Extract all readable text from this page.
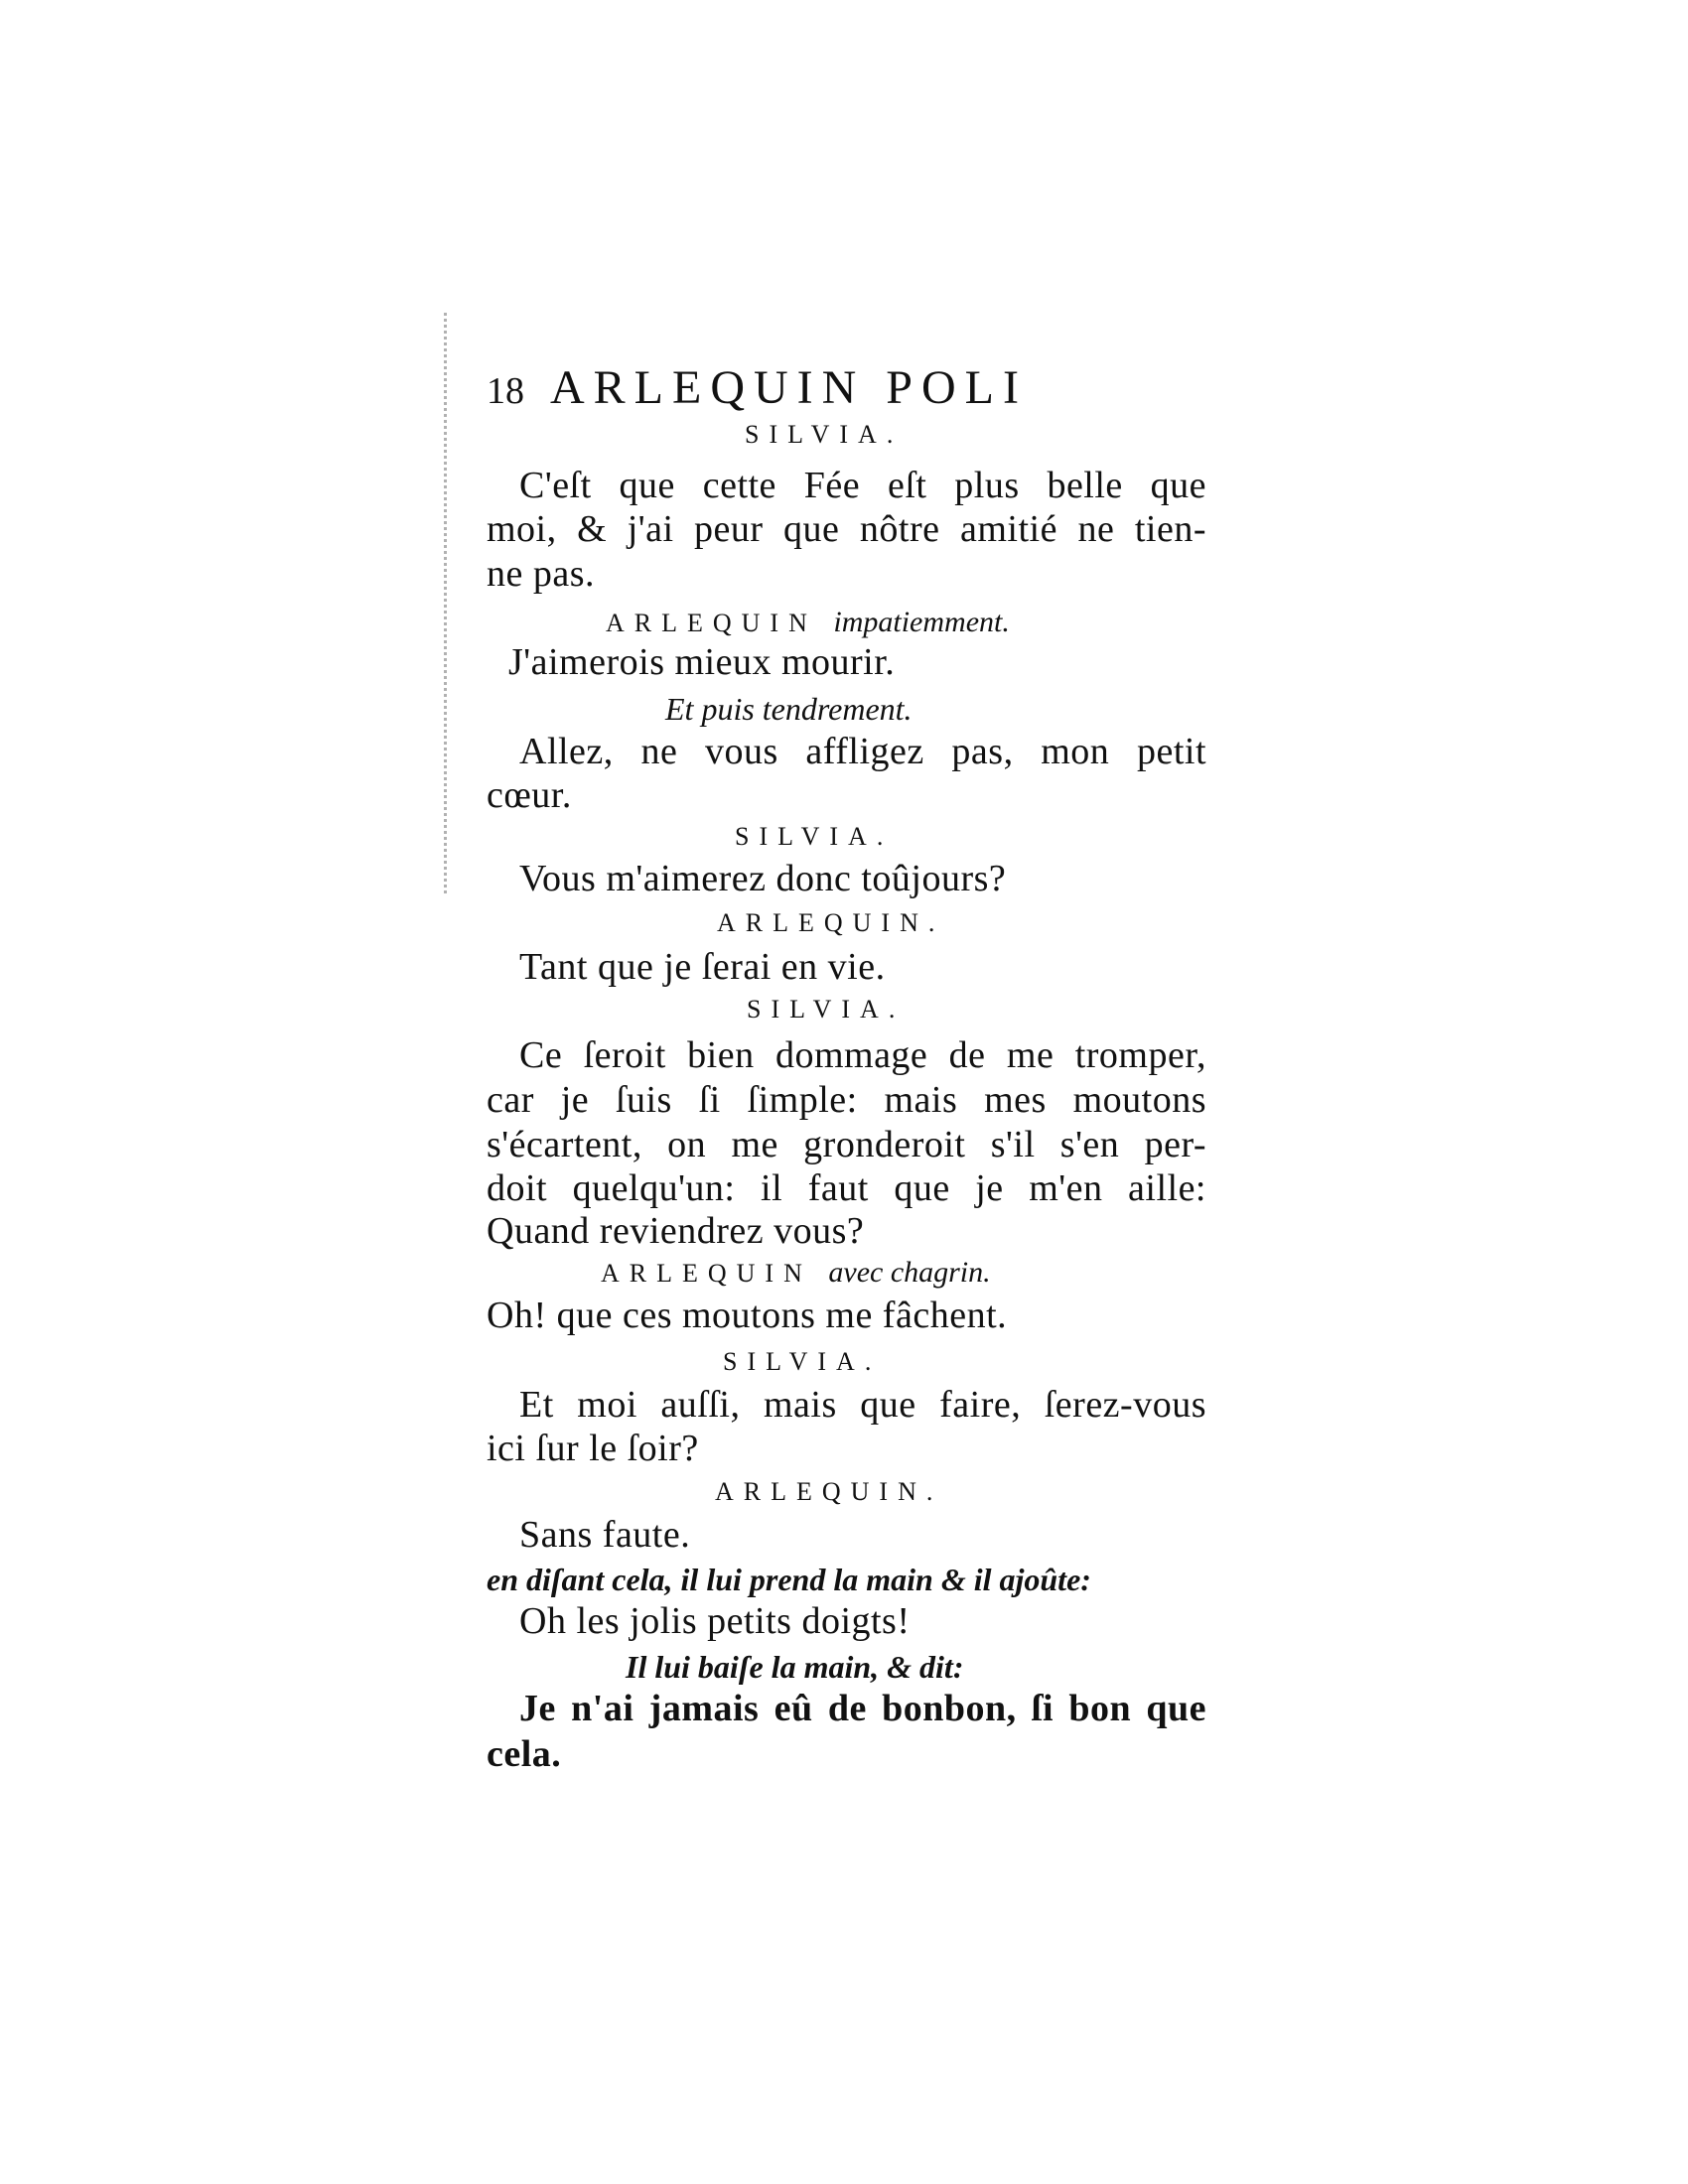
18 ARLEQUIN POLI
SILVIA.
C'eſt que cette Fée eſt plus belle que
moi, & j'ai peur que nôtre amitié ne tien-
ne pas.
ARLEQUIN impatiemment.
J'aimerois mieux mourir.
Et puis tendrement.
Allez, ne vous affligez pas, mon petit
cœur.
SILVIA.
Vous m'aimerez donc toûjours?
ARLEQUIN.
Tant que je ſerai en vie.
SILVIA.
Ce ſeroit bien dommage de me tromper,
car je ſuis ſi ſimple: mais mes moutons
s'écartent, on me gronderoit s'il s'en per-
doit quelqu'un: il faut que je m'en aille:
Quand reviendrez vous?
ARLEQUIN avec chagrin.
Oh! que ces moutons me fâchent.
SILVIA.
Et moi auſſi, mais que faire, ſerez-vous
ici ſur le ſoir?
ARLEQUIN.
Sans faute.
en diſant cela, il lui prend la main & il ajoûte:
Oh les jolis petits doigts!
Il lui baiſe la main, & dit:
Je n'ai jamais eû de bonbon, ſi bon que
cela.
